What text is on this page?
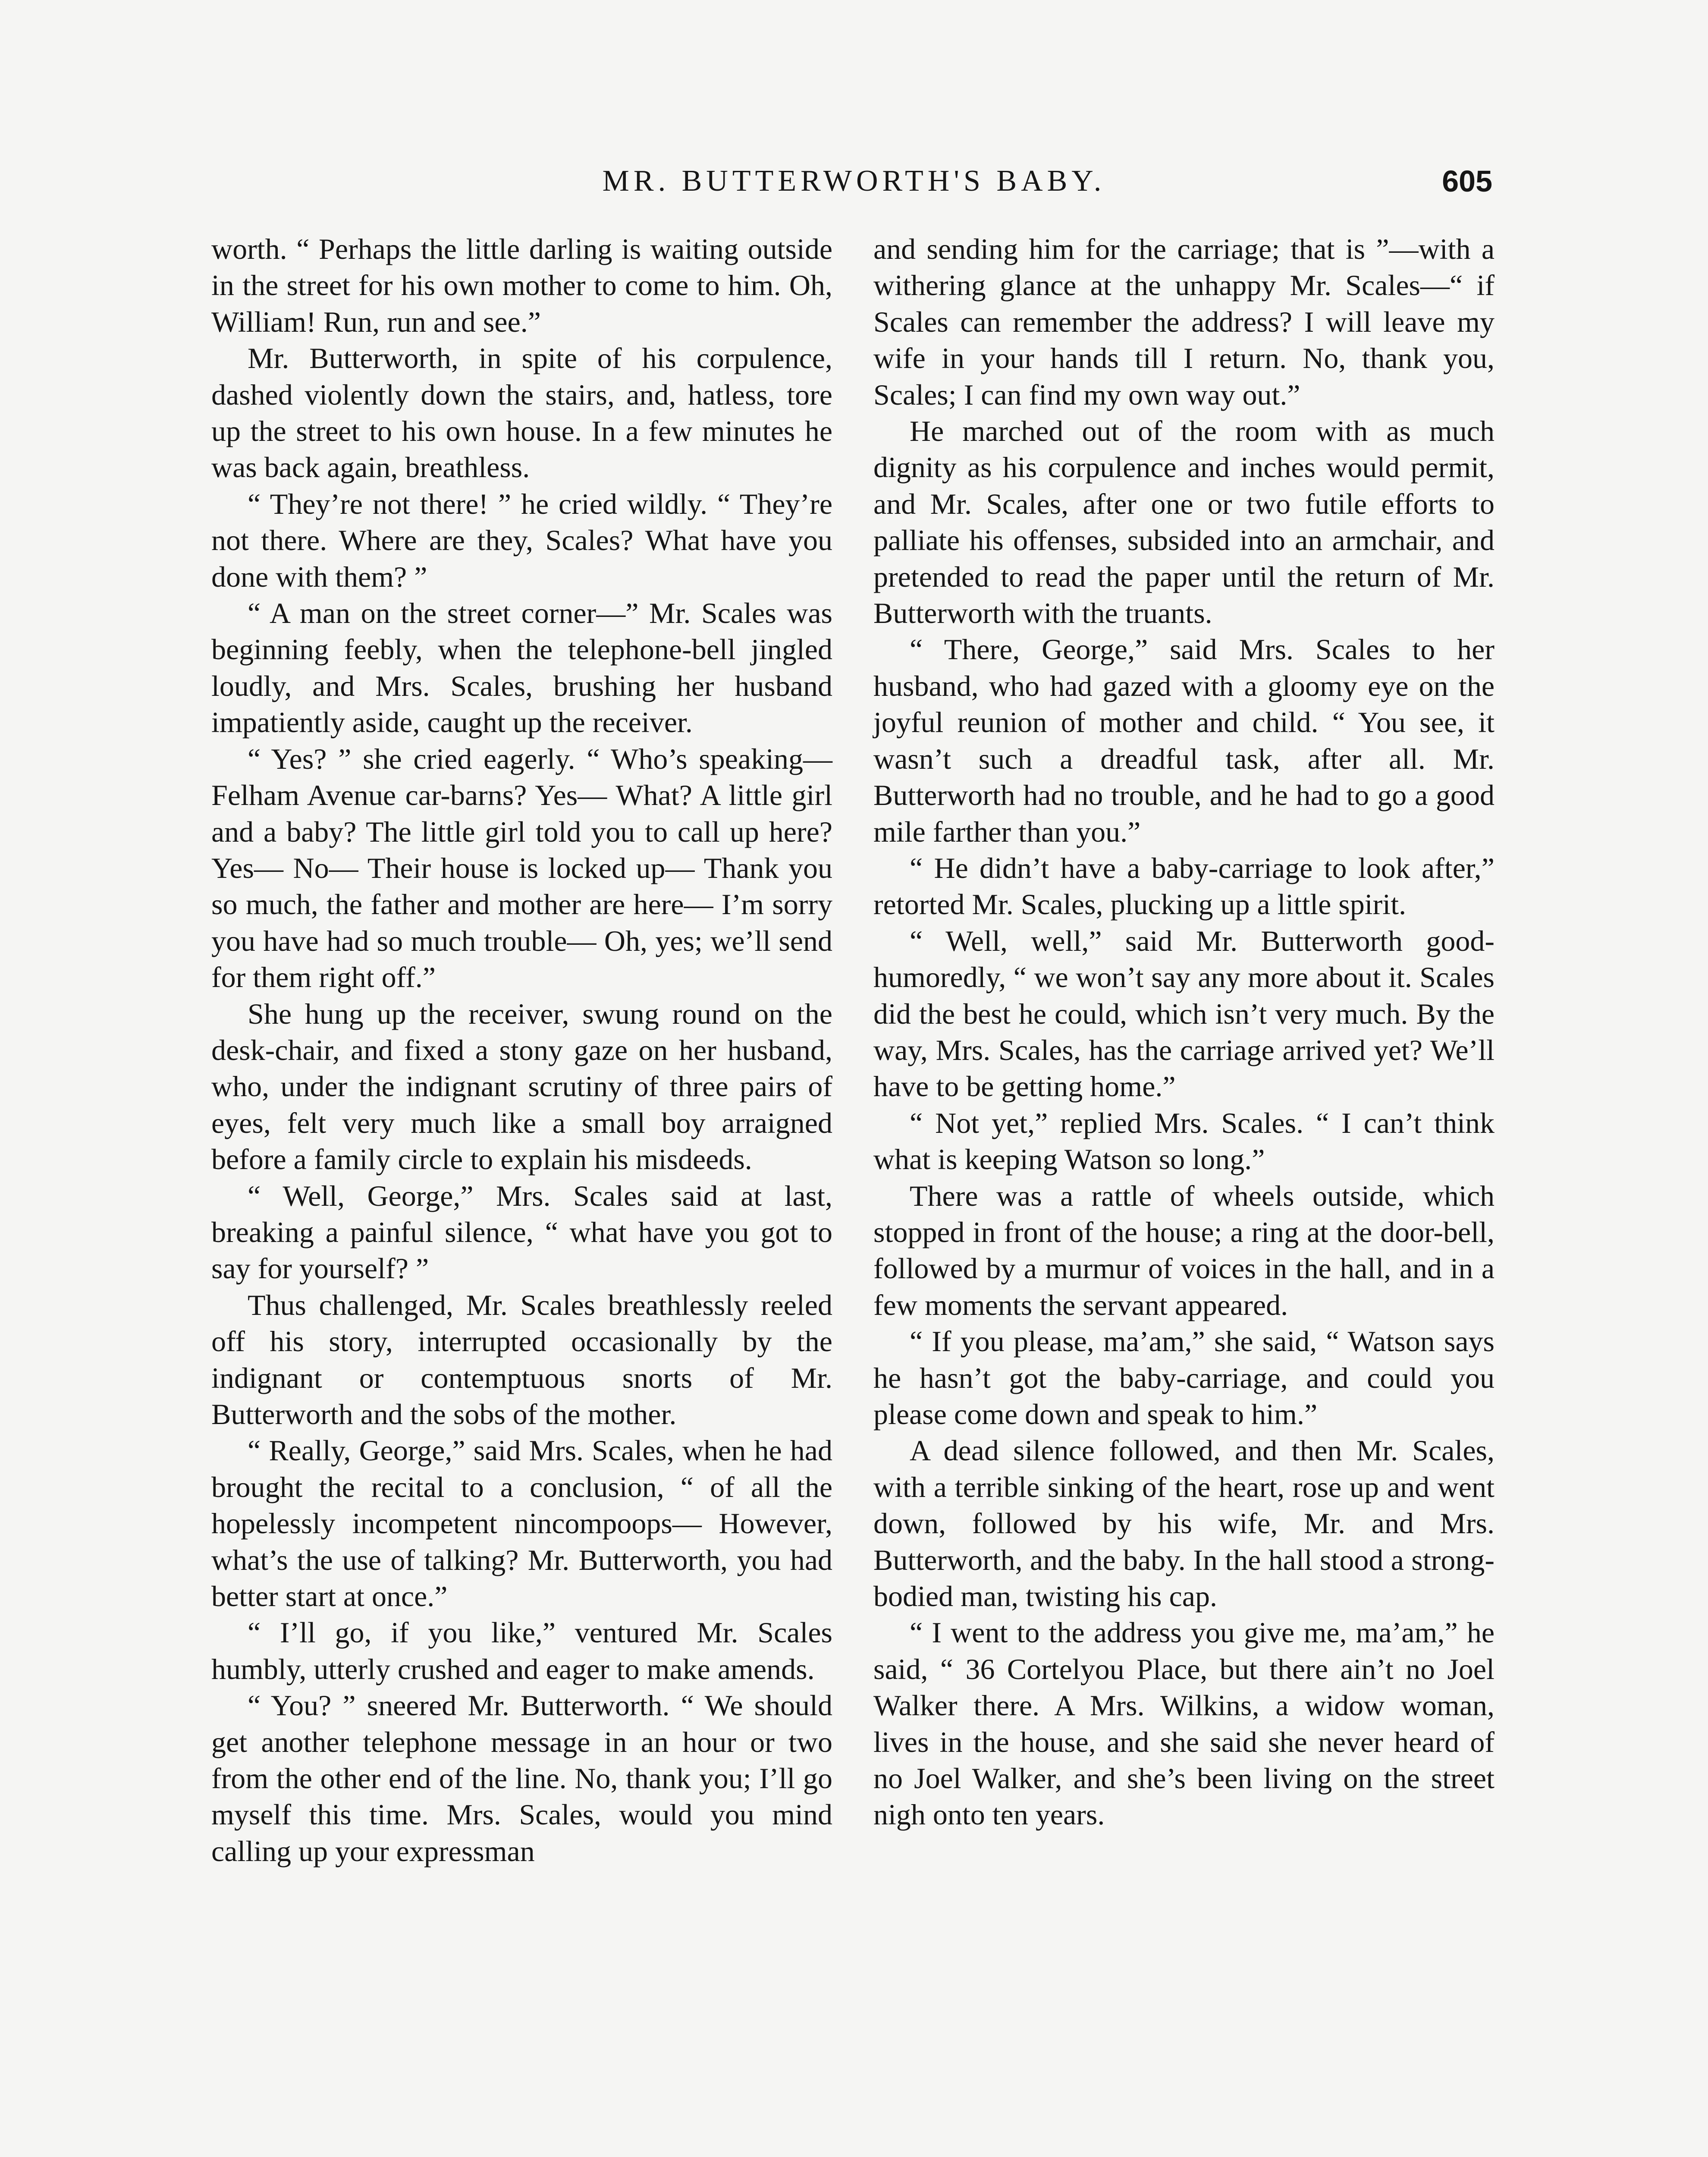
MR. BUTTERWORTH'S BABY.	605

worth. “ Perhaps the little darling is waiting outside in the street for his own mother to come to him. Oh, William! Run, run and see.”

Mr. Butterworth, in spite of his corpulence, dashed violently down the stairs, and, hatless, tore up the street to his own house. In a few minutes he was back again, breathless.

“ They’re not there! ” he cried wildly. “ They’re not there. Where are they, Scales? What have you done with them? ”

“ A man on the street corner—” Mr. Scales was beginning feebly, when the telephone-bell jingled loudly, and Mrs. Scales, brushing her husband impatiently aside, caught up the receiver.

“ Yes? ” she cried eagerly. “ Who’s speaking— Felham Avenue car-barns? Yes— What? A little girl and a baby? The little girl told you to call up here? Yes— No— Their house is locked up— Thank you so much, the father and mother are here— I’m sorry you have had so much trouble— Oh, yes; we’ll send for them right off.”

She hung up the receiver, swung round on the desk-chair, and fixed a stony gaze on her husband, who, under the indignant scrutiny of three pairs of eyes, felt very much like a small boy arraigned before a family circle to explain his misdeeds.

“ Well, George,” Mrs. Scales said at last, breaking a painful silence, “ what have you got to say for yourself? ”

Thus challenged, Mr. Scales breathlessly reeled off his story, interrupted occasionally by the indignant or contemptuous snorts of Mr. Butterworth and the sobs of the mother.

“ Really, George,” said Mrs. Scales, when he had brought the recital to a conclusion, “ of all the hopelessly incompetent nincompoops— However, what’s the use of talking? Mr. Butterworth, you had better start at once.”

“ I’ll go, if you like,” ventured Mr. Scales humbly, utterly crushed and eager to make amends.

“ You? ” sneered Mr. Butterworth. “ We should get another telephone message in an hour or two from the other end of the line. No, thank you; I’ll go myself this time. Mrs. Scales, would you mind calling up your expressman

and sending him for the carriage; that is ”—with a withering glance at the unhappy Mr. Scales—“ if Scales can remember the address? I will leave my wife in your hands till I return. No, thank you, Scales; I can find my own way out.”

He marched out of the room with as much dignity as his corpulence and inches would permit, and Mr. Scales, after one or two futile efforts to palliate his offenses, subsided into an armchair, and pretended to read the paper until the return of Mr. Butterworth with the truants.

“ There, George,” said Mrs. Scales to her husband, who had gazed with a gloomy eye on the joyful reunion of mother and child. “ You see, it wasn’t such a dreadful task, after all. Mr. Butterworth had no trouble, and he had to go a good mile farther than you.”

“ He didn’t have a baby-carriage to look after,” retorted Mr. Scales, plucking up a little spirit.

“ Well, well,” said Mr. Butterworth good-humoredly, “ we won’t say any more about it. Scales did the best he could, which isn’t very much. By the way, Mrs. Scales, has the carriage arrived yet? We’ll have to be getting home.”

“ Not yet,” replied Mrs. Scales. “ I can’t think what is keeping Watson so long.”

There was a rattle of wheels outside, which stopped in front of the house; a ring at the door-bell, followed by a murmur of voices in the hall, and in a few moments the servant appeared.

“ If you please, ma’am,” she said, “ Watson says he hasn’t got the baby-carriage, and could you please come down and speak to him.”

A dead silence followed, and then Mr. Scales, with a terrible sinking of the heart, rose up and went down, followed by his wife, Mr. and Mrs. Butterworth, and the baby. In the hall stood a strong-bodied man, twisting his cap.

“ I went to the address you give me, ma’am,” he said, “ 36 Cortelyou Place, but there ain’t no Joel Walker there. A Mrs. Wilkins, a widow woman, lives in the house, and she said she never heard of no Joel Walker, and she’s been living on the street nigh onto ten years.
